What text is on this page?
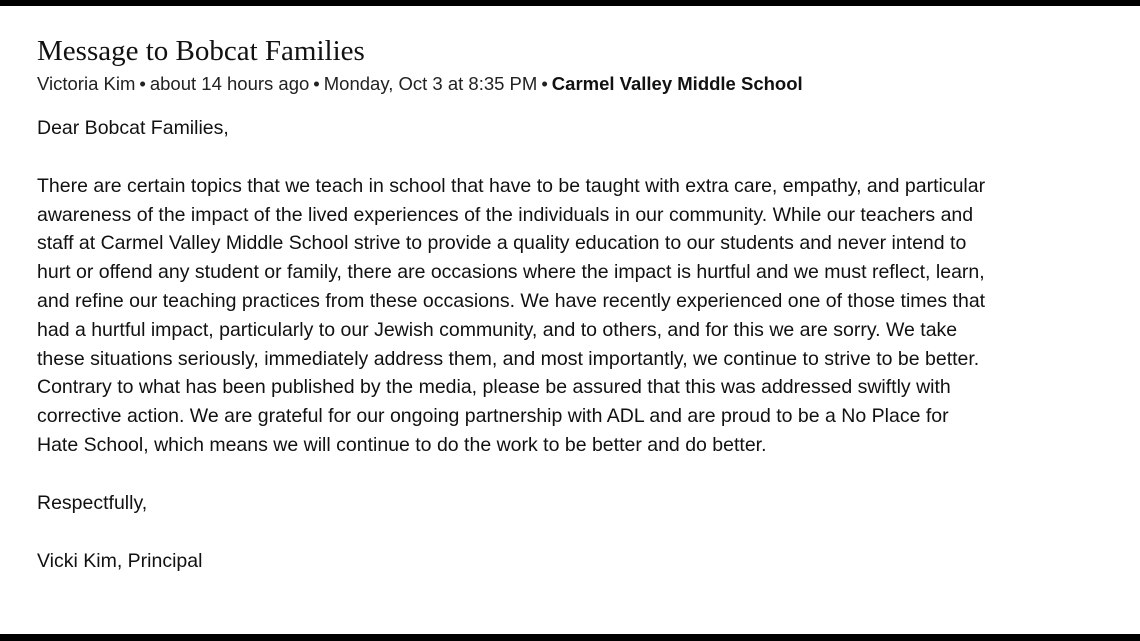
Message to Bobcat Families
Victoria Kim • about 14 hours ago • Monday, Oct 3 at 8:35 PM • Carmel Valley Middle School

Dear Bobcat Families,

There are certain topics that we teach in school that have to be taught with extra care, empathy, and particular
awareness of the impact of the lived experiences of the individuals in our community. While our teachers and
staff at Carmel Valley Middle School strive to provide a quality education to our students and never intend to
hurt or offend any student or family, there are occasions where the impact is hurtful and we must reflect, learn,
and refine our teaching practices from these occasions. We have recently experienced one of those times that
had a hurtful impact, particularly to our Jewish community, and to others, and for this we are sorry. We take
these situations seriously, immediately address them, and most importantly, we continue to strive to be better.
Contrary to what has been published by the media, please be assured that this was addressed swiftly with
corrective action. We are grateful for our ongoing partnership with ADL and are proud to be a No Place for
Hate School, which means we will continue to do the work to be better and do better.

Respectfully,

Vicki Kim, Principal
